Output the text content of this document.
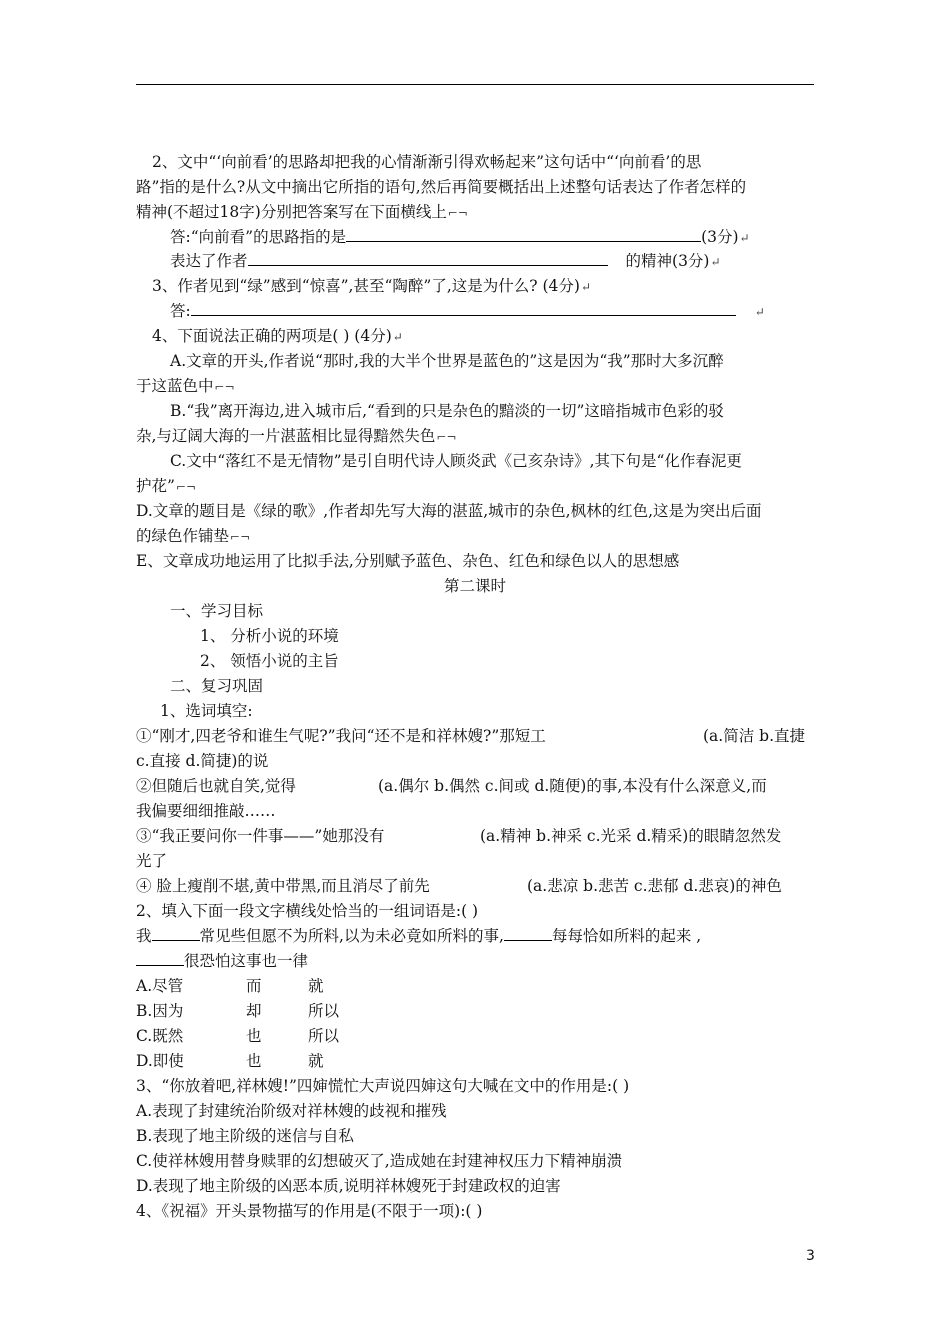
2、文中“‘向前看’的思路却把我的心情渐渐引得欢畅起来”这句话中“‘向前看’的思
路”指的是什么?从文中摘出它所指的语句,然后再简要概括出上述整句话表达了作者怎样的
精神(不超过18字)分别把答案写在下面横线上⌐¬
答:“向前看”的思路指的是	(3分)↵
表达了作者	的精神(3分)↵
3、作者见到“绿”感到“惊喜”,甚至“陶醉”了,这是为什么? (4分)↵
答:	↵
4、下面说法正确的两项是( ) (4分)↵
A.文章的开头,作者说“那时,我的大半个世界是蓝色的”这是因为“我”那时大多沉醉
于这蓝色中⌐¬
B.“我”离开海边,进入城市后,“看到的只是杂色的黯淡的一切”这暗指城市色彩的驳
杂,与辽阔大海的一片湛蓝相比显得黯然失色⌐¬
C.文中“落红不是无情物”是引自明代诗人顾炎武《己亥杂诗》,其下句是“化作春泥更
护花”⌐¬
D.文章的题目是《绿的歌》,作者却先写大海的湛蓝,城市的杂色,枫林的红色,这是为突出后面
的绿色作铺垫⌐¬
E、文章成功地运用了比拟手法,分别赋予蓝色、杂色、红色和绿色以人的思想感
第二课时
一、学习目标
1、 分析小说的环境
2、 领悟小说的主旨
二、复习巩固
1、选词填空:
①“刚才,四老爷和谁生气呢?”我问“还不是和祥林嫂?”那短工	(a.简洁 b.直捷
c.直接 d.简捷)的说
②但随后也就自笑,觉得	(a.偶尔 b.偶然 c.间或 d.随便)的事,本没有什么深意义,而
我偏要细细推敲……
③“我正要问你一件事——”她那没有	(a.精神 b.神采 c.光采 d.精采)的眼睛忽然发
光了
④ 脸上瘦削不堪,黄中带黑,而且消尽了前先	(a.悲凉 b.悲苦 c.悲郁 d.悲哀)的神色
2、填入下面一段文字横线处恰当的一组词语是:( )
我	常见些但愿不为所料,以为未必竟如所料的事,	每每恰如所料的起来 ,
很恐怕这事也一律
A.尽管	而	就
B.因为	却	所以
C.既然	也	所以
D.即使	也	就
3、“你放着吧,祥林嫂!”四婶慌忙大声说四婶这句大喊在文中的作用是:( )
A.表现了封建统治阶级对祥林嫂的歧视和摧残
B.表现了地主阶级的迷信与自私
C.使祥林嫂用替身赎罪的幻想破灭了,造成她在封建神权压力下精神崩溃
D.表现了地主阶级的凶恶本质,说明祥林嫂死于封建政权的迫害
4、《祝福》开头景物描写的作用是(不限于一项):( )
3
